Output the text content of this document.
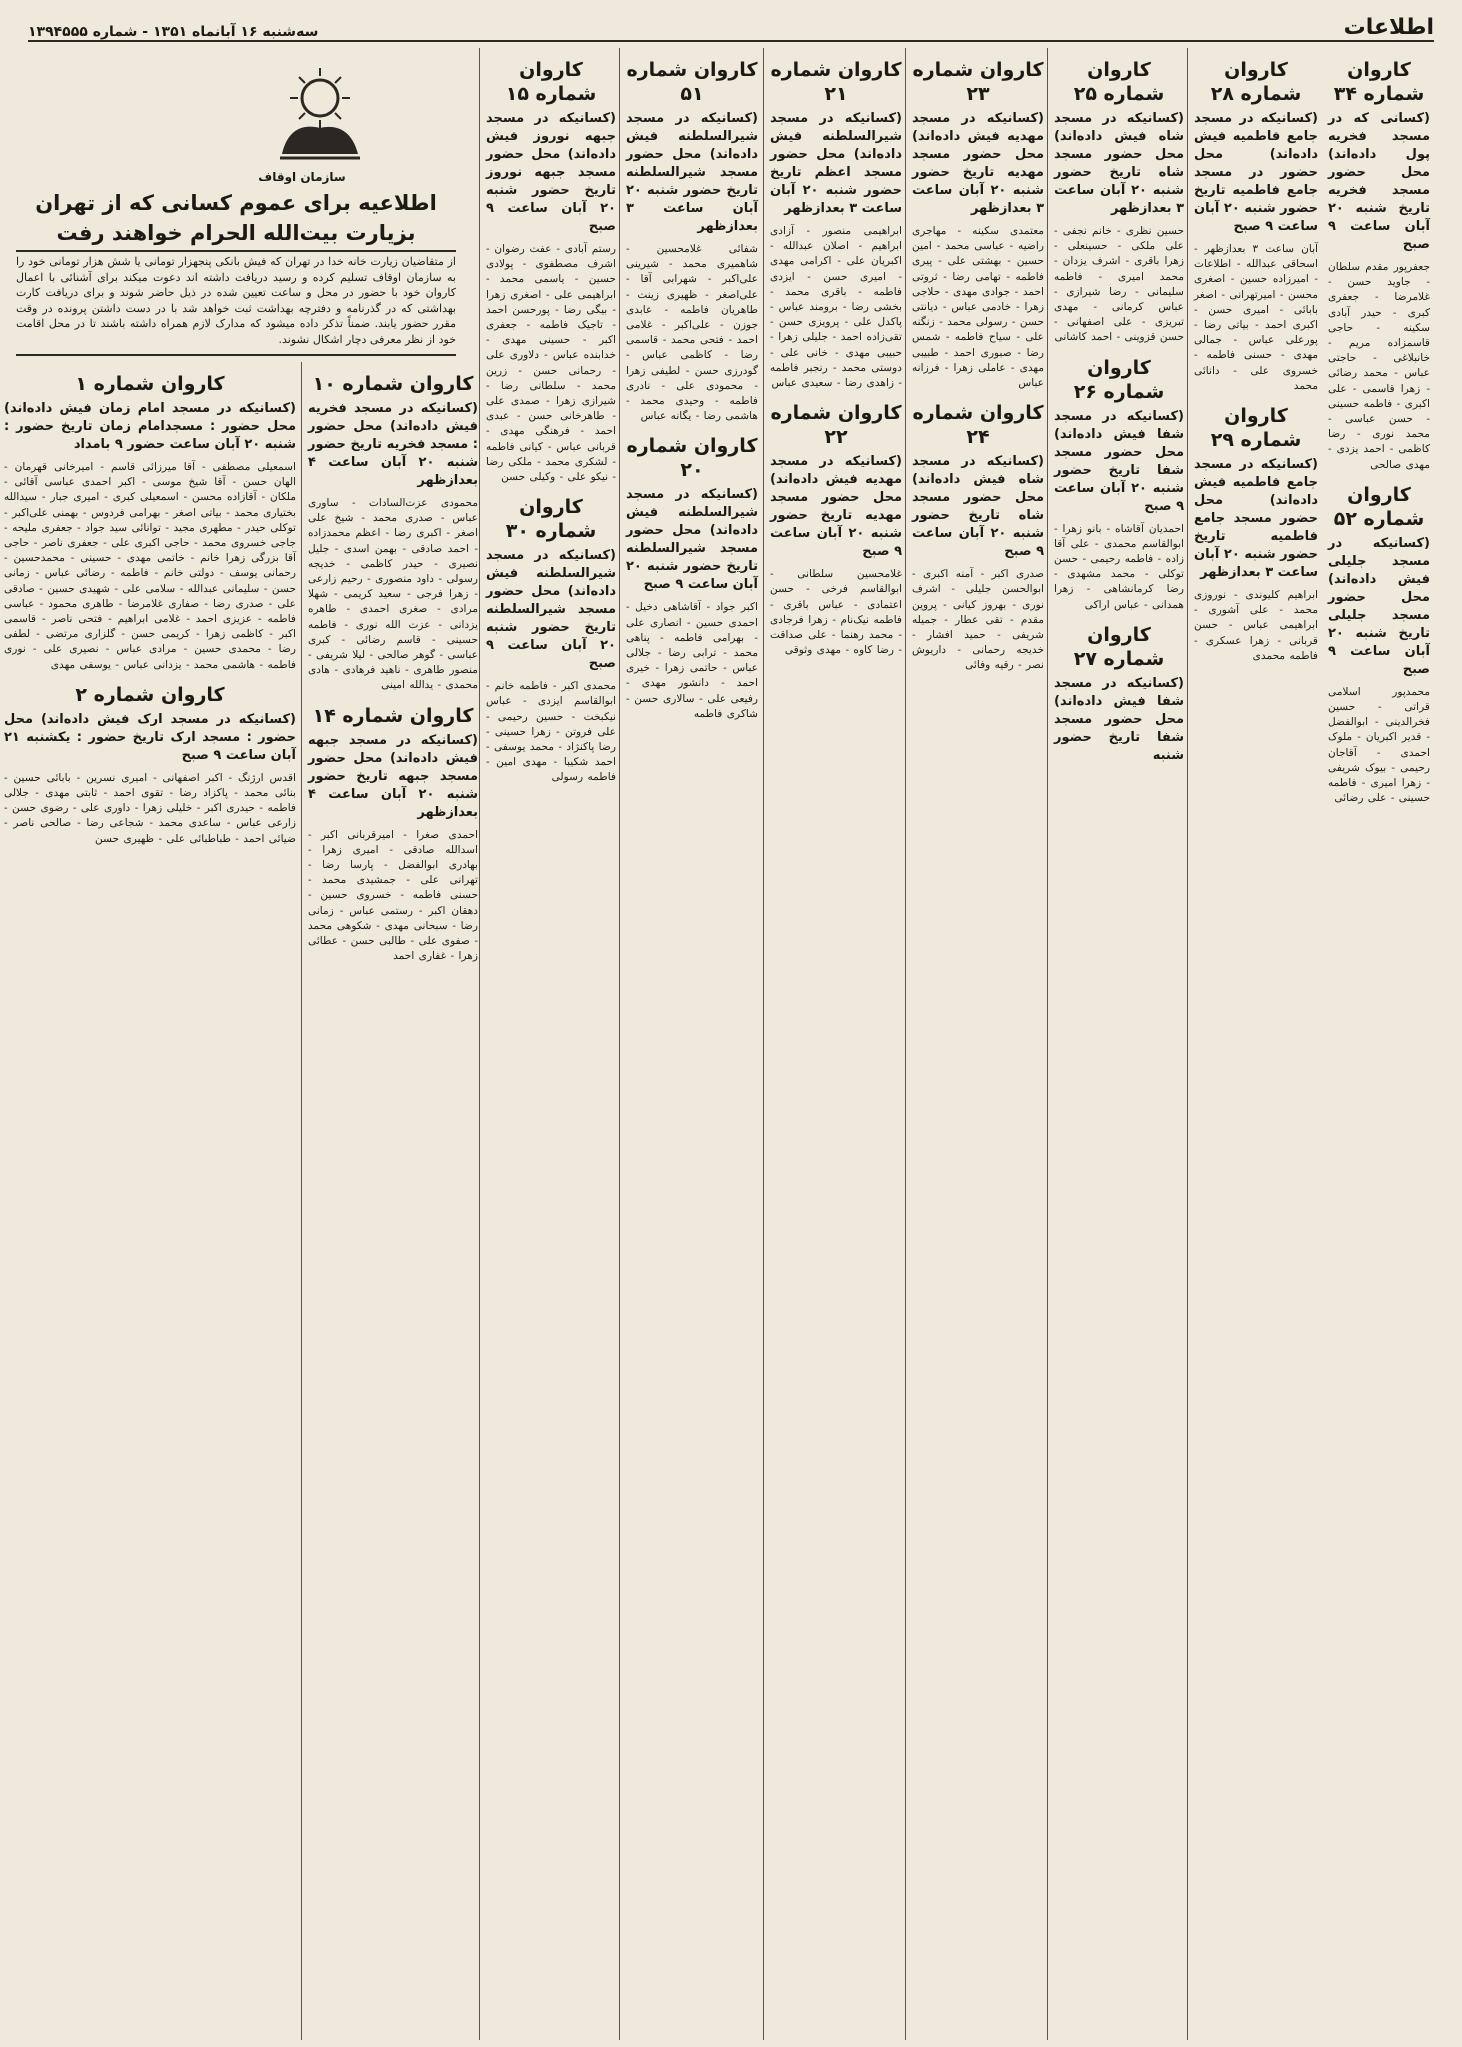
اطلاعات
سه‌شنبه ۱۶ آبانماه ۱۳۵۱ - شماره ۱۳۹۴۵۵۵
سازمان اوقاف
اطلاعیه برای عموم کسانی که از تهران بزیارت بیت‌الله الحرام خواهند رفت
از متقاضیان زیارت خانه خدا در تهران که فیش بانکی پنجهزار تومانی یا شش هزار تومانی خود را به سازمان اوقاف تسلیم کرده و رسید دریافت داشته اند دعوت میکند برای آشنائی با اعمال کاروان خود با حضور در محل و ساعت تعیین شده در ذیل حاضر شوند و برای دریافت کارت بهداشتی که در گذرنامه و دفترچه بهداشت ثبت خواهد شد با در دست داشتن پرونده در وقت مقرر حضور یابند. ضمناً تذکر داده میشود که مدارک لازم همراه داشته باشند تا در محل اقامت خود از نظر معرفی دچار اشکال نشوند.
کاروان شماره ۱
(کسانیکه در مسجد امام زمان فیش داده‌اند) محل حضور : مسجدامام زمان تاریخ حضور : شنبه ۲۰ آبان ساعت حضور ۹ بامداد
اسمعیلی مصطفی - آقا میرزائی قاسم - امیرخانی قهرمان - الهان حسن - آقا شیخ موسی - اکبر احمدی عباسی آقائی - ملکان - آقازاده محسن - اسمعیلی کبری - امیری جبار - سیدالله بختیاری محمد - بیاتی اصغر - بهرامی فردوس - بهمنی علی‌اکبر - توکلی حیدر - مطهری مجید - توانائی سید جواد - جعفری ملیحه - جاجی خسروی محمد - حاجی اکبری علی - جعفری ناصر - حاجی آقا بزرگی زهرا خانم - خاتمی مهدی - حسینی - محمدحسین - رحمانی یوسف - دولتی خانم - فاطمه - رضائی عباس - زمانی حسن - سلیمانی عبدالله - سلامی علی - شهیدی حسین - صادقی علی - صدری رضا - صفاری غلامرضا - طاهری محمود - عباسی فاطمه - عزیزی احمد - غلامی ابراهیم - فتحی ناصر - قاسمی اکبر - کاظمی زهرا - کریمی حسن - گلزاری مرتضی - لطفی رضا - محمدی حسین - مرادی عباس - نصیری علی - نوری فاطمه - هاشمی محمد - یزدانی عباس - یوسفی مهدی
کاروان شماره ۲
(کسانیکه در مسجد ارک فیش داده‌اند) محل حضور : مسجد ارک تاریخ حضور : یکشنبه ۲۱ آبان ساعت ۹ صبح
اقدس ارژنگ - اکبر اصفهانی - امیری نسرین - بابائی حسین - بنائی محمد - پاکزاد رضا - تقوی احمد - ثابتی مهدی - جلالی فاطمه - حیدری اکبر - خلیلی زهرا - داوری علی - رضوی حسن - زارعی عباس - ساعدی محمد - شجاعی رضا - صالحی ناصر - ضیائی احمد - طباطبائی علی - ظهیری حسن
کاروان شماره ۱۰
(کسانیکه در مسجد فخریه فیش داده‌اند) محل حضور : مسجد فخریه تاریخ حضور شنبه ۲۰ آبان ساعت ۴ بعدازظهر
محمودی عزت‌السادات - ساوری عباس - صدری محمد - شیخ علی اصغر - اکبری رضا - اعظم محمدزاده - احمد صادقی - بهمن اسدی - جلیل نصیری - حیدر کاظمی - خدیجه رسولی - داود منصوری - رحیم زارعی - زهرا فرجی - سعید کریمی - شهلا مرادی - صغری احمدی - طاهره یزدانی - عزت الله نوری - فاطمه حسینی - قاسم رضائی - کبری عباسی - گوهر صالحی - لیلا شریفی - منصور طاهری - ناهید فرهادی - هادی محمدی - یدالله امینی
کاروان شماره ۱۴
(کسانیکه در مسجد جبهه فیش داده‌اند) محل حضور مسجد جبهه تاریخ حضور شنبه ۲۰ آبان ساعت ۴ بعدازظهر
احمدی صغرا - امیرقربانی اکبر - اسدالله صادقی - امیری زهرا - بهادری ابوالفضل - پارسا رضا - تهرانی علی - جمشیدی محمد - حسنی فاطمه - خسروی حسین - دهقان اکبر - رستمی عباس - زمانی رضا - سبحانی مهدی - شکوهی محمد - صفوی علی - طالبی حسن - عطائی زهرا - غفاری احمد
کاروان شماره ۱۵
(کسانیکه در مسجد جبهه نوروز فیش داده‌اند) محل حضور مسجد جبهه نوروز تاریخ حضور شنبه ۲۰ آبان ساعت ۹ صبح
رستم آبادی - عفت رضوان - اشرف مصطفوی - پولادی حسین - یاسمی محمد - ابراهیمی علی - اصغری زهرا - بیگی رضا - پورحسن احمد - تاجیک فاطمه - جعفری اکبر - حسینی مهدی - خدابنده عباس - دلاوری علی - رحمانی حسن - زرین محمد - سلطانی رضا - شیرازی زهرا - صمدی علی - طاهرخانی حسن - عبدی احمد - فرهنگی مهدی - قربانی عباس - کیانی فاطمه - لشکری محمد - ملکی رضا - نیکو علی - وکیلی حسن
کاروان شماره ۳۰
(کسانیکه در مسجد شیرالسلطنه فیش داده‌اند) محل حضور مسجد شیرالسلطنه تاریخ حضور شنبه ۲۰ آبان ساعت ۹ صبح
محمدی اکبر - فاطمه خانم - ابوالقاسم ایزدی - عباس نیکبخت - حسین رحیمی - علی فروتن - زهرا حسینی - رضا پاکنژاد - محمد یوسفی - احمد شکیبا - مهدی امین - فاطمه رسولی
کاروان شماره ۵۱
(کسانیکه در مسجد شیرالسلطنه فیش داده‌اند) محل حضور مسجد شیرالسلطنه تاریخ حضور شنبه ۲۰ آبان ساعت ۳ بعدازظهر
شفائی غلامحسین - شاهمیری محمد - شیرینی علی‌اکبر - شهرابی آقا - علی‌اصغر - ظهیری زینت - طاهریان فاطمه - عابدی جوزن - علی‌اکبر - غلامی احمد - فتحی محمد - قاسمی رضا - کاظمی عباس - گودرزی حسن - لطیفی زهرا - محمودی علی - نادری فاطمه - وحیدی محمد - هاشمی رضا - یگانه عباس
کاروان شماره ۲۰
(کسانیکه در مسجد شیرالسلطنه فیش داده‌اند) محل حضور مسجد شیرالسلطنه تاریخ حضور شنبه ۲۰ آبان ساعت ۹ صبح
اکبر جواد - آقاشاهی دخیل - احمدی حسین - انصاری علی - بهرامی فاطمه - پناهی محمد - ترابی رضا - جلالی عباس - حاتمی زهرا - خیری احمد - دانشور مهدی - رفیعی علی - سالاری حسن - شاکری فاطمه
کاروان شماره ۲۱
(کسانیکه در مسجد شیرالسلطنه فیش داده‌اند) محل حضور مسجد اعظم تاریخ حضور شنبه ۲۰ آبان ساعت ۳ بعدازظهر
ابراهیمی منصور - آزادی ابراهیم - اصلان عبدالله - اکبریان علی - اکرامی مهدی - امیری حسن - ایزدی فاطمه - باقری محمد - بخشی رضا - برومند عباس - پاکدل علی - پرویزی حسن - تقی‌زاده احمد - جلیلی زهرا - حبیبی مهدی - خانی علی - دوستی محمد - رنجبر فاطمه - زاهدی رضا - سعیدی عباس
کاروان شماره ۲۲
(کسانیکه در مسجد مهدیه فیش داده‌اند) محل حضور مسجد مهدیه تاریخ حضور شنبه ۲۰ آبان ساعت ۹ صبح
غلامحسین سلطانی - ابوالقاسم فرخی - حسن اعتمادی - عباس باقری - فاطمه نیک‌نام - زهرا فرجادی - محمد رهنما - علی صداقت - رضا کاوه - مهدی وثوقی
کاروان شماره ۲۳
(کسانیکه در مسجد مهدیه فیش داده‌اند) محل حضور مسجد مهدیه تاریخ حضور شنبه ۲۰ آبان ساعت ۳ بعدازظهر
معتمدی سکینه - مهاجری راضیه - عباسی محمد - امین حسین - بهشتی علی - پیری فاطمه - تهامی رضا - ثروتی احمد - جوادی مهدی - حلاجی زهرا - خادمی عباس - دیانتی حسن - رسولی محمد - زنگنه علی - سیاح فاطمه - شمس رضا - صبوری احمد - طبیبی مهدی - عاملی زهرا - فرزانه عباس
کاروان شماره ۲۴
(کسانیکه در مسجد شاه فیش داده‌اند) محل حضور مسجد شاه تاریخ حضور شنبه ۲۰ آبان ساعت ۹ صبح
صدری اکبر - آمنه اکبری - ابوالحسن جلیلی - اشرف نوری - بهروز کیانی - پروین مقدم - تقی عطار - جمیله شریفی - حمید افشار - خدیجه رحمانی - داریوش نصر - رقیه وفائی
کاروان شماره ۲۵
(کسانیکه در مسجد شاه فیش داده‌اند) محل حضور مسجد شاه تاریخ حضور شنبه ۲۰ آبان ساعت ۳ بعدازظهر
حسین نظری - خانم نجفی - علی ملکی - حسینعلی - زهرا باقری - اشرف یزدان - محمد امیری - فاطمه سلیمانی - رضا شیرازی - عباس کرمانی - مهدی تبریزی - علی اصفهانی - حسن قزوینی - احمد کاشانی
کاروان شماره ۲۶
(کسانیکه در مسجد شفا فیش داده‌اند) محل حضور مسجد شفا تاریخ حضور شنبه ۲۰ آبان ساعت ۹ صبح
احمدیان آقاشاه - بانو زهرا - ابوالقاسم محمدی - علی آقا زاده - فاطمه رحیمی - حسن توکلی - محمد مشهدی - رضا کرمانشاهی - زهرا همدانی - عباس اراکی
کاروان شماره ۲۷
(کسانیکه در مسجد شفا فیش داده‌اند) محل حضور مسجد شفا تاریخ حضور شنبه
کاروان شماره ۲۸
(کسانیکه در مسجد جامع فاطمیه فیش داده‌اند) محل حضور در مسجد جامع فاطمیه تاریخ حضور شنبه ۲۰ آبان ساعت ۹ صبح
آبان ساعت ۳ بعدازظهر - اسحاقی عبدالله - اطلاعات - امیرزاده حسین - اصغری محسن - امیرتهرانی - اصغر بابائی - امیری حسن - اکبری احمد - بیاتی رضا - پورعلی عباس - جمالی مهدی - حسنی فاطمه - خسروی علی - دانائی محمد
کاروان شماره ۲۹
(کسانیکه در مسجد جامع فاطمیه فیش داده‌اند) محل حضور مسجد جامع فاطمیه تاریخ حضور شنبه ۲۰ آبان ساعت ۳ بعدازظهر
ابراهیم کلیوندی - نوروزی محمد - علی آشوری - ابراهیمی عباس - حسن قربانی - زهرا عسکری - فاطمه محمدی
کاروان شماره ۳۴
(کسانی که در مسجد فخریه پول داده‌اند) محل حضور مسجد فخریه تاریخ شنبه ۲۰ آبان ساعت ۹ صبح
جعفرپور مقدم سلطان - جاوید حسن - غلامرضا - جعفری کبری - حیدر آبادی سکینه - حاجی قاسمزاده مریم - خانبلاغی - حاجتی عباس - محمد رضائی - زهرا قاسمی - علی اکبری - فاطمه حسینی - حسن عباسی - محمد نوری - رضا کاظمی - احمد یزدی - مهدی صالحی
کاروان شماره ۵۲
(کسانیکه در مسجد جلیلی فیش داده‌اند) محل حضور مسجد جلیلی تاریخ شنبه ۲۰ آبان ساعت ۹ صبح
محمدپور اسلامی قراتی - حسین فخرالدینی - ابوالفضل - قدیر اکبریان - ملوک احمدی - آقاجان رحیمی - بیوک شریفی - زهرا امیری - فاطمه حسینی - علی رضائی
